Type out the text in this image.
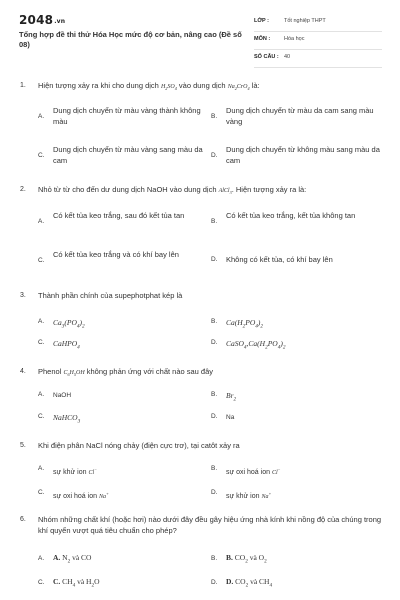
2048.vn
Tổng hợp đề thi thử Hóa Học mức độ cơ bản, nâng cao (Đề số 08)
LỚP :	Tốt nghiệp THPT
MÔN :	Hóa học
SỐ CÂU : 40
1. Hiện tượng xảy ra khi cho dung dịch $H_2SO_4$ vào dung dịch $Na_2CrO_4$ là:
A.
Dung dịch chuyển từ màu vàng thành không màu
B.
Dung dịch chuyển từ màu da cam sang màu vàng
C.
Dung dịch chuyển từ màu vàng sang màu da cam
D.
Dung dịch chuyển từ không màu sang màu da cam
2. Nhỏ từ từ cho đến dư dung dịch NaOH vào dung dịch AlCl$_3$. Hiện tượng xảy ra là:
A.
Có kết tủa keo trắng, sau đó kết tủa tan
B.
Có kết tủa keo trắng, kết tủa không tan
C.
Có kết tủa keo trắng và có khí bay lên
D. Không có kết tủa, có khí bay lên
3. Thành phần chính của supephotphat kép là
A. $Ca_3(PO_4)_2$
B. $Ca(H_2PO_4)_2$
C. CaHPO$_4$
D. $CaSO_4,Ca(H_2PO_4)_2$
4. Phenol $C_6H_5OH$ không phản ứng với chất nào sau đây
A. NaOH	B. $Br_2$
C. NaHCO$_3$
D. Na
5. Khi điện phân NaCl nóng chảy (điện cực trơ), tại catôt xảy ra
A.
sự khử ion Cl−	B.
sự oxi hoá ion Cl−
C.
sự oxi hoá ion Na+	D.
sự khử ion Na+
6. Nhóm những chất khí (hoặc hơi) nào dưới đây đều gây hiệu ứng nhà kính khi nồng độ của chúng trong khí quyển vượt quá tiêu chuẩn cho phép?
A. A. $N_2$ và CO	B. B. $CO_2$ và $O_2$
C. C. $CH_4$ và $H_2O$	D. D. $CO_2$ và $CH_4$
